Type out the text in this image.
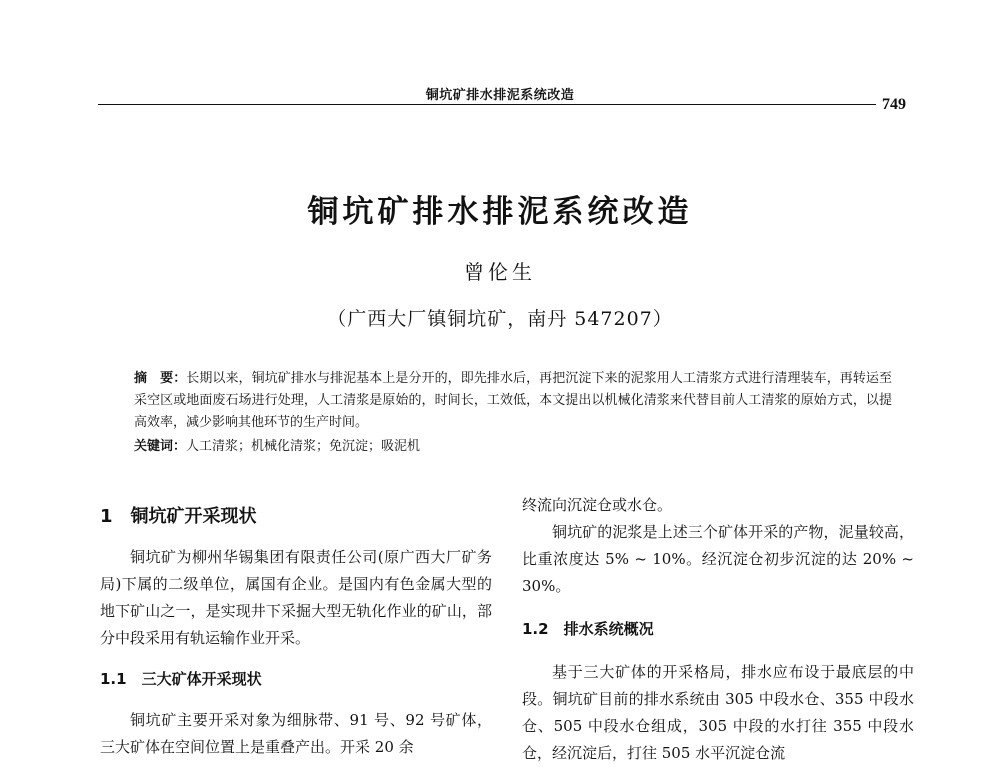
铜坑矿排水排泥系统改造
749
铜坑矿排水排泥系统改造
曾伦生
（广西大厂镇铜坑矿，南丹 547207）
摘　要：长期以来，铜坑矿排水与排泥基本上是分开的，即先排水后，再把沉淀下来的泥浆用人工清浆方式进行清理装车，再转运至采空区或地面废石场进行处理，人工清浆是原始的，时间长，工效低，本文提出以机械化清浆来代替目前人工清浆的原始方式，以提高效率，减少影响其他环节的生产时间。
关键词：人工清浆；机械化清浆；免沉淀；吸泥机
1　铜坑矿开采现状

铜坑矿为柳州华锡集团有限责任公司(原广西大厂矿务局)下属的二级单位，属国有企业。是国内有色金属大型的地下矿山之一，是实现井下采掘大型无轨化作业的矿山，部分中段采用有轨运输作业开采。

1.1　三大矿体开采现状

铜坑矿主要开采对象为细脉带、91 号、92 号矿体，三大矿体在空间位置上是重叠产出。开采 20 余

终流向沉淀仓或水仓。

铜坑矿的泥浆是上述三个矿体开采的产物，泥量较高，比重浓度达 5% ~ 10%。经沉淀仓初步沉淀的达 20% ~ 30%。

1.2　排水系统概况

基于三大矿体的开采格局，排水应布设于最底层的中段。铜坑矿目前的排水系统由 305 中段水仓、355 中段水仓、505 中段水仓组成，305 中段的水打往 355 中段水仓，经沉淀后，打往 505 水平沉淀仓流
